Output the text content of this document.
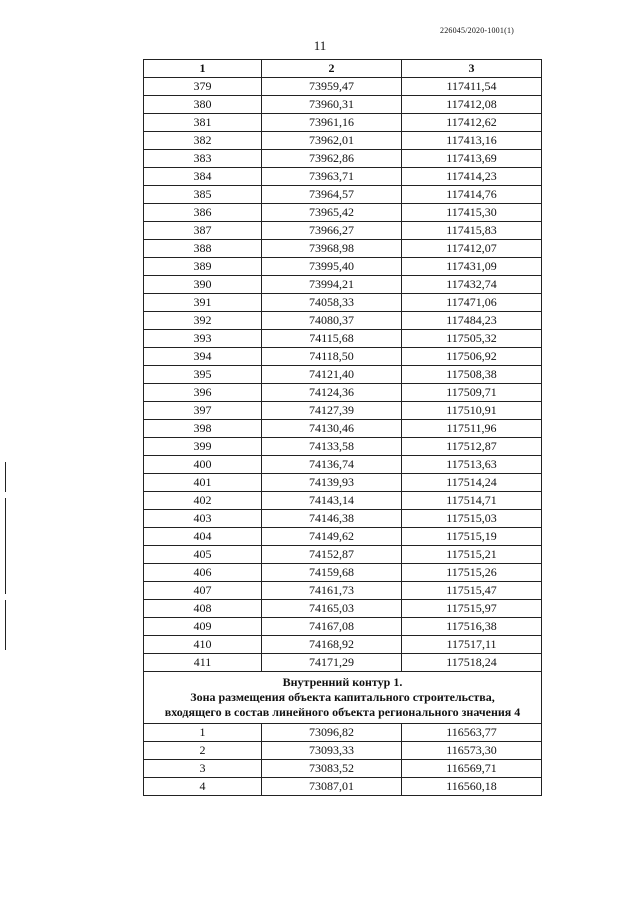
226045/2020-1001(1)
11
1	2	3
379	73959,47	117411,54
380	73960,31	117412,08
381	73961,16	117412,62
382	73962,01	117413,16
383	73962,86	117413,69
384	73963,71	117414,23
385	73964,57	117414,76
386	73965,42	117415,30
387	73966,27	117415,83
388	73968,98	117412,07
389	73995,40	117431,09
390	73994,21	117432,74
391	74058,33	117471,06
392	74080,37	117484,23
393	74115,68	117505,32
394	74118,50	117506,92
395	74121,40	117508,38
396	74124,36	117509,71
397	74127,39	117510,91
398	74130,46	117511,96
399	74133,58	117512,87
400	74136,74	117513,63
401	74139,93	117514,24
402	74143,14	117514,71
403	74146,38	117515,03
404	74149,62	117515,19
405	74152,87	117515,21
406	74159,68	117515,26
407	74161,73	117515,47
408	74165,03	117515,97
409	74167,08	117516,38
410	74168,92	117517,11
411	74171,29	117518,24

Внутренний контур 1.
Зона размещения объекта капитального строительства,
входящего в состав линейного объекта регионального значения 4		

1	73096,82	116563,77
2	73093,33	116573,30
3	73083,52	116569,71
4	73087,01	116560,18
